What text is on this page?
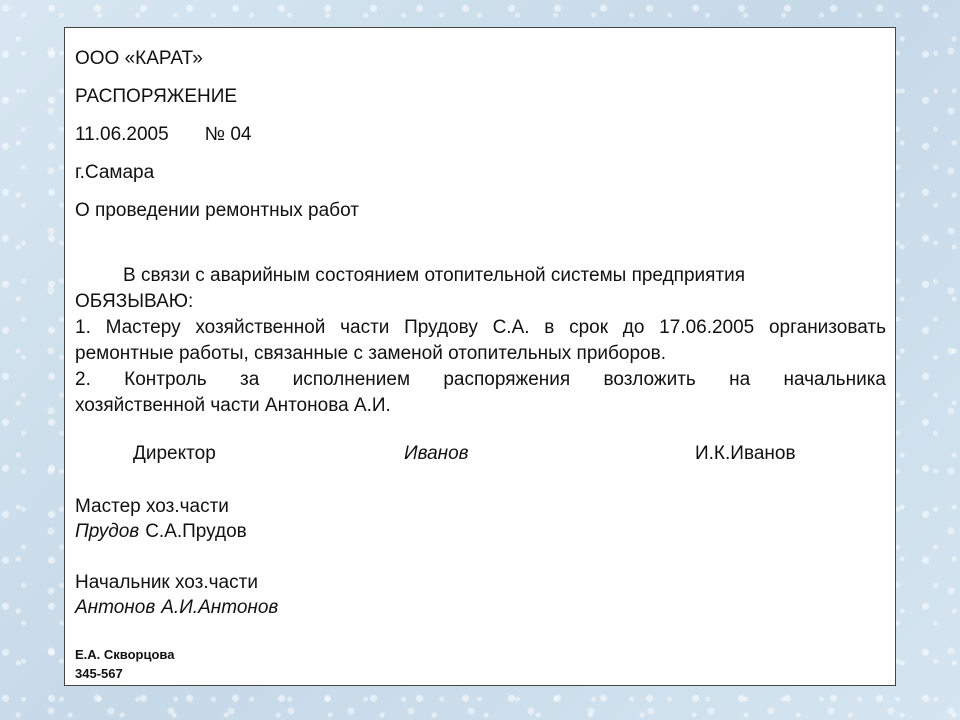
ООО «КАРАТ»
РАСПОРЯЖЕНИЕ
11.06.2005 № 04
г.Самара
О проведении ремонтных работ

В связи с аварийным состоянием отопительной системы предприятия

ОБЯЗЫВАЮ:

1. Мастеру хозяйственной части Прудову С.А. в срок до 17.06.2005 организовать

ремонтные работы, связанные с заменой отопительных приборов.

2. Контроль за исполнением распоряжения возложить на начальника

хозяйственной части Антонова А.И.

Директор	Иванов	И.К.Иванов
Мастер хоз.части
Прудов С.А.Прудов
Начальник хоз.части
Антонов А.И.Антонов
Е.А. Скворцова
345-567
